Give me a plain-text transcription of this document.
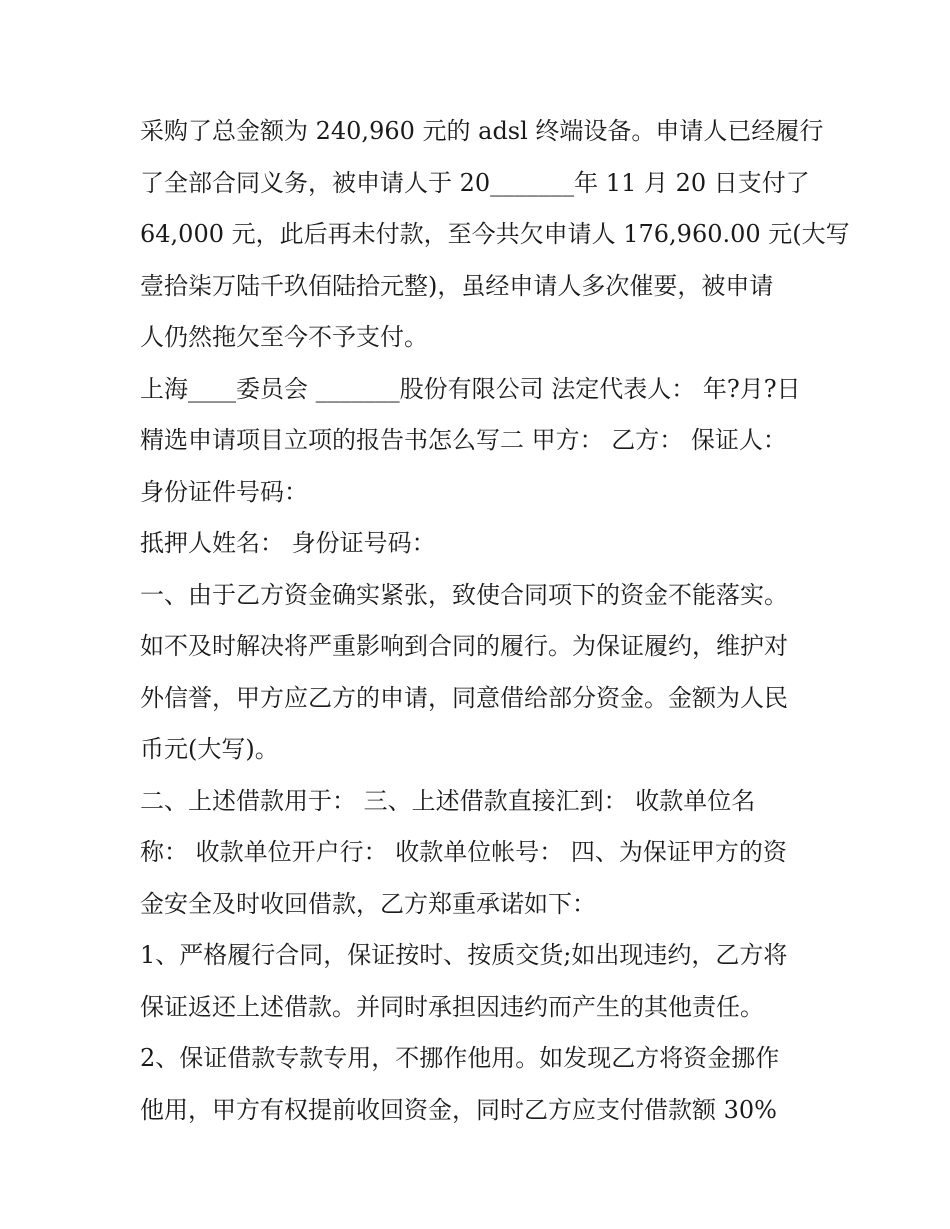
采购了总金额为 240,960 元的 adsl 终端设备。申请人已经履行
了全部合同义务，被申请人于 20_______年 11 月 20 日支付了
64,000 元，此后再未付款，至今共欠申请人 176,960.00 元(大写
壹拾柒万陆千玖佰陆拾元整)，虽经申请人多次催要，被申请
人仍然拖欠至今不予支付。
上海____委员会 _______股份有限公司 法定代表人： 年?月?日
精选申请项目立项的报告书怎么写二 甲方： 乙方： 保证人：
身份证件号码：
抵押人姓名： 身份证号码：
一、由于乙方资金确实紧张，致使合同项下的资金不能落实。
如不及时解决将严重影响到合同的履行。为保证履约，维护对
外信誉，甲方应乙方的申请，同意借给部分资金。金额为人民
币元(大写)。
二、上述借款用于： 三、上述借款直接汇到： 收款单位名
称： 收款单位开户行： 收款单位帐号： 四、为保证甲方的资
金安全及时收回借款，乙方郑重承诺如下：
1、严格履行合同，保证按时、按质交货;如出现违约，乙方将
保证返还上述借款。并同时承担因违约而产生的其他责任。
2、保证借款专款专用，不挪作他用。如发现乙方将资金挪作
他用，甲方有权提前收回资金，同时乙方应支付借款额 30%
